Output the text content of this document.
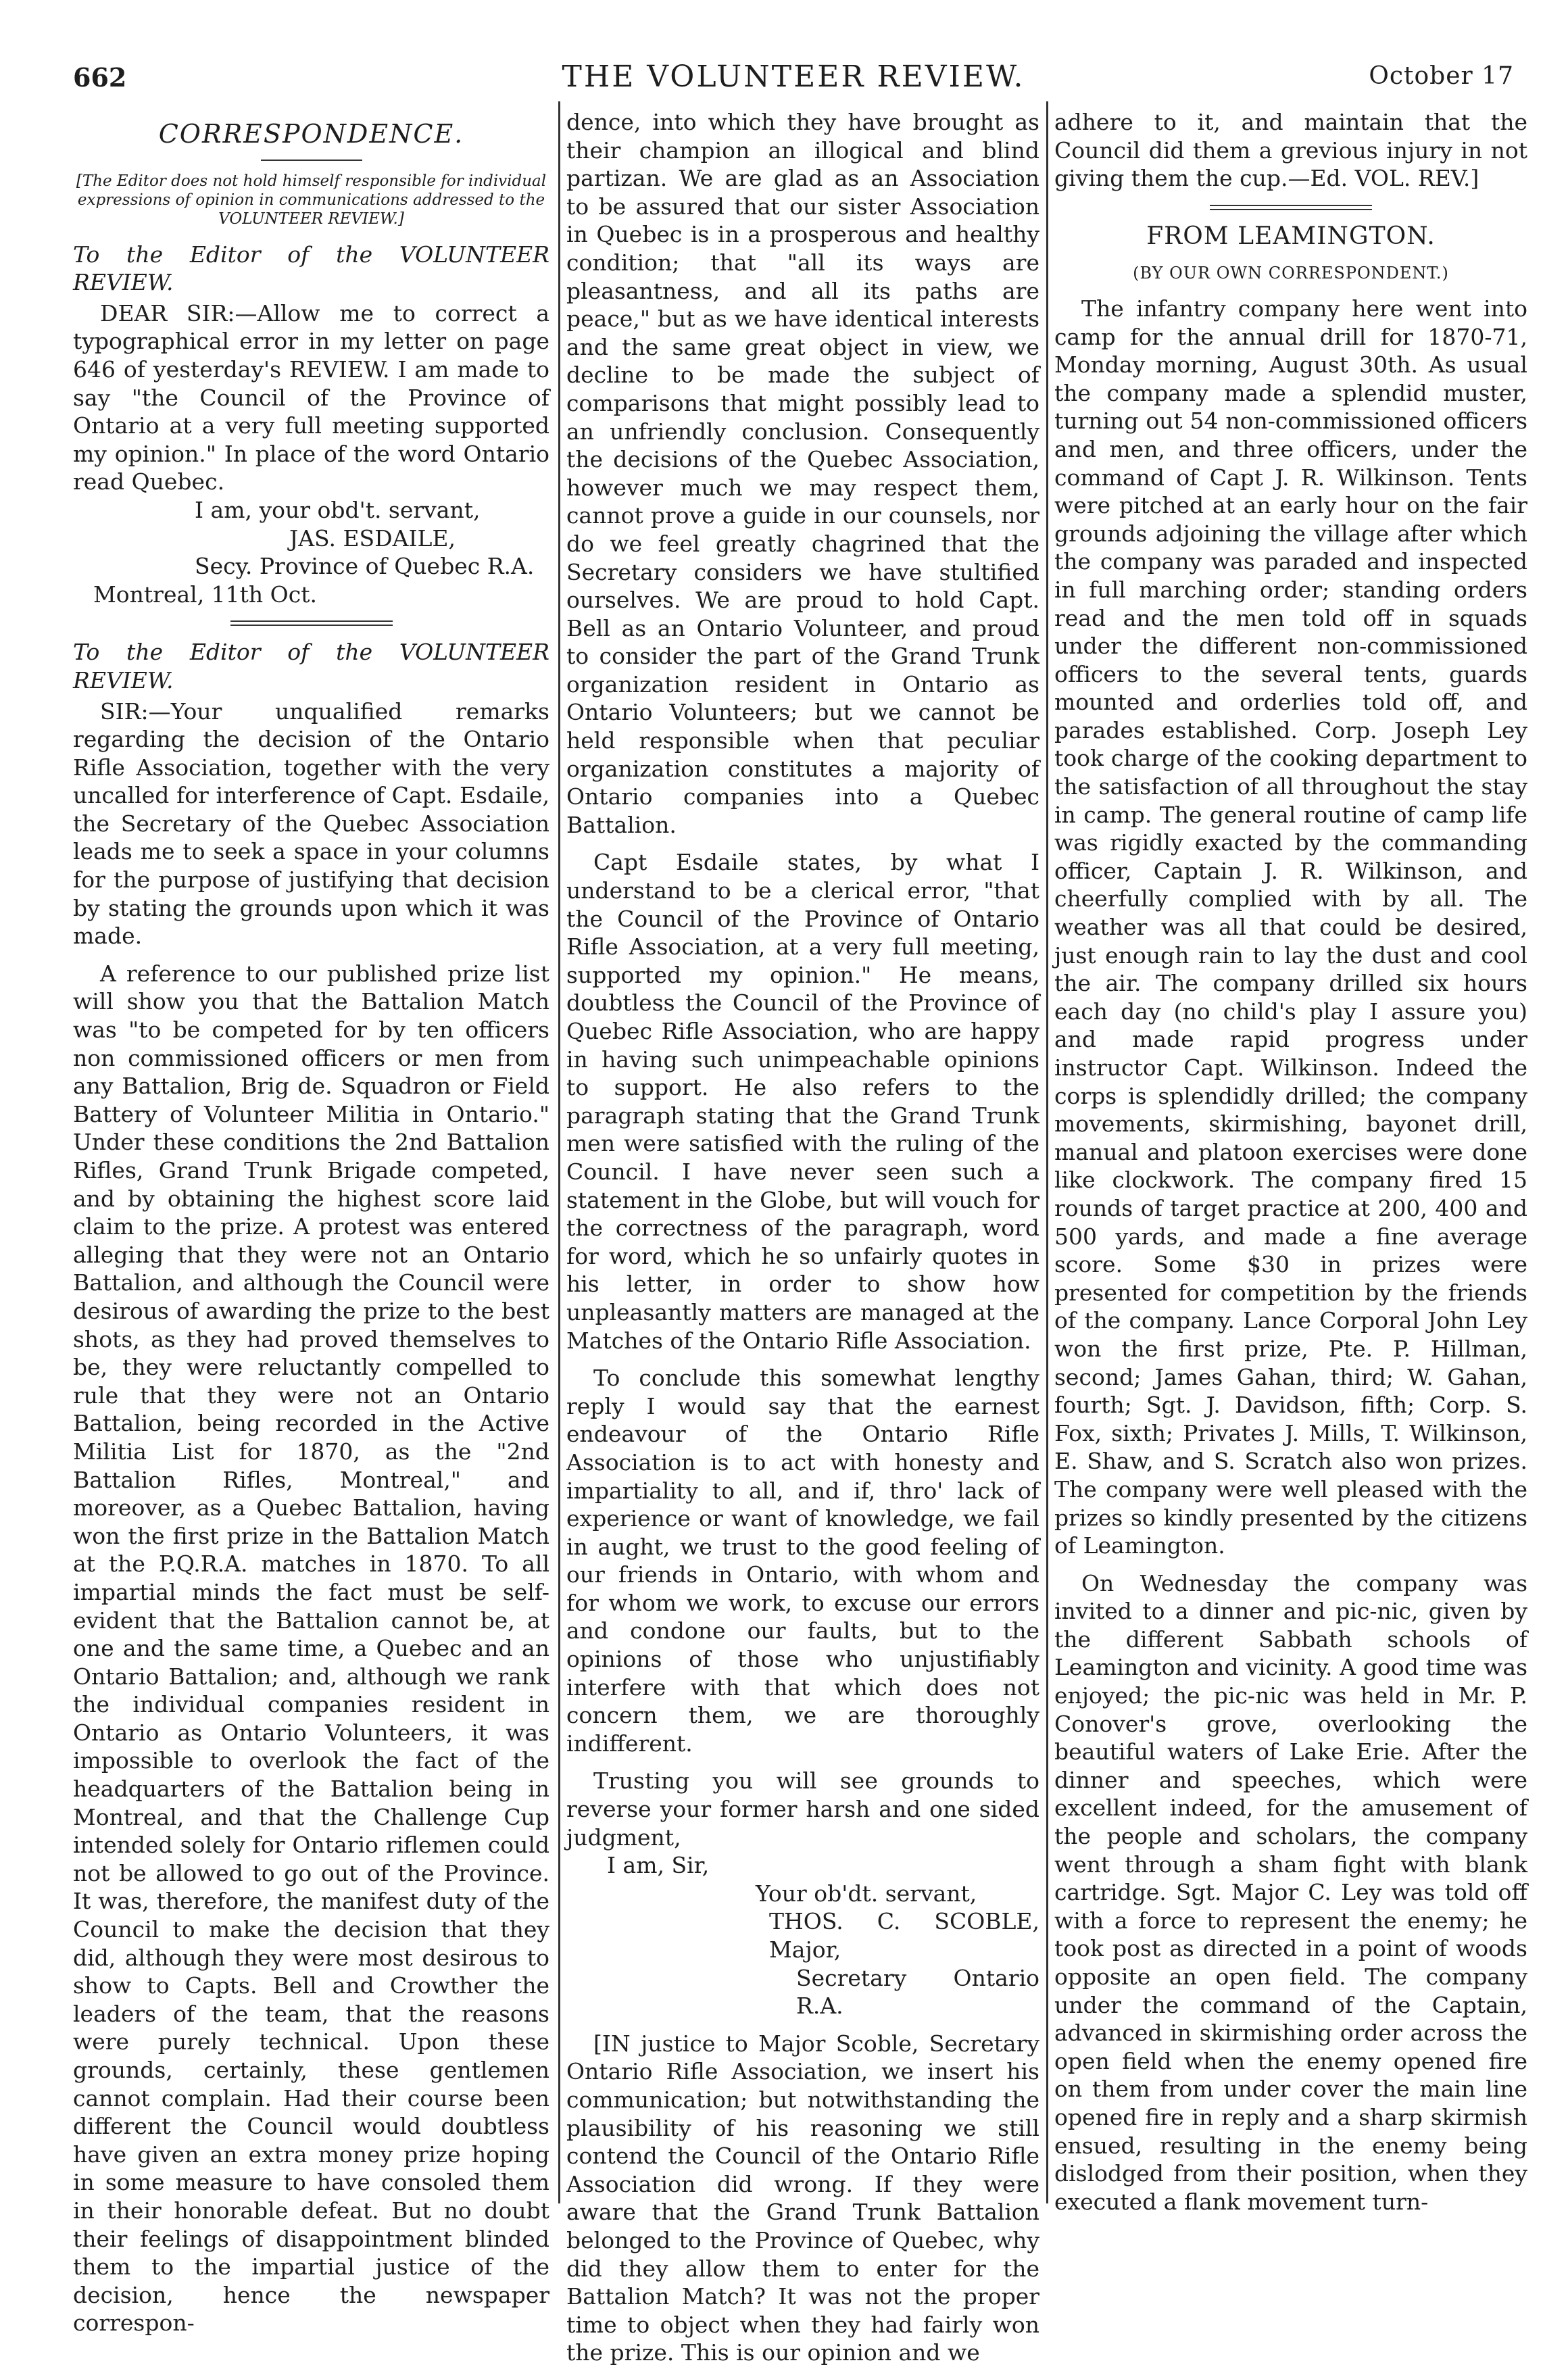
662	THE VOLUNTEER REVIEW.	October 17
CORRESPONDENCE.
[The Editor does not hold himself responsible for individual expressions of opinion in communications addressed to the VOLUNTEER REVIEW.]
To the Editor of the VOLUNTEER REVIEW.

DEAR SIR:—Allow me to correct a typographical error in my letter on page 646 of yesterday's REVIEW. I am made to say "the Council of the Province of Ontario at a very full meeting supported my opinion." In place of the word Ontario read Quebec.

I am, your obd't. servant,

JAS. ESDAILE,

Secy. Province of Quebec R.A.

Montreal, 11th Oct.

To the Editor of the VOLUNTEER REVIEW.

SIR:—Your unqualified remarks regarding the decision of the Ontario Rifle Association, together with the very uncalled for interference of Capt. Esdaile, the Secretary of the Quebec Association leads me to seek a space in your columns for the purpose of justifying that decision by stating the grounds upon which it was made.

A reference to our published prize list will show you that the Battalion Match was "to be competed for by ten officers non commissioned officers or men from any Battalion, Brig de. Squadron or Field Battery of Volunteer Militia in Ontario." Under these conditions the 2nd Battalion Rifles, Grand Trunk Brigade competed, and by obtaining the highest score laid claim to the prize. A protest was entered alleging that they were not an Ontario Battalion, and although the Council were desirous of awarding the prize to the best shots, as they had proved themselves to be, they were reluctantly compelled to rule that they were not an Ontario Battalion, being recorded in the Active Militia List for 1870, as the "2nd Battalion Rifles, Montreal," and moreover, as a Quebec Battalion, having won the first prize in the Battalion Match at the P.Q.R.A. matches in 1870. To all impartial minds the fact must be self-evident that the Battalion cannot be, at one and the same time, a Quebec and an Ontario Battalion; and, although we rank the individual companies resident in Ontario as Ontario Volunteers, it was impossible to overlook the fact of the headquarters of the Battalion being in Montreal, and that the Challenge Cup intended solely for Ontario riflemen could not be allowed to go out of the Province. It was, therefore, the manifest duty of the Council to make the decision that they did, although they were most desirous to show to Capts. Bell and Crowther the leaders of the team, that the reasons were purely technical. Upon these grounds, certainly, these gentlemen cannot complain. Had their course been different the Council would doubtless have given an extra money prize hoping in some measure to have consoled them in their honorable defeat. But no doubt their feelings of disappointment blinded them to the impartial justice of the decision, hence the newspaper correspon-

dence, into which they have brought as their champion an illogical and blind partizan. We are glad as an Association to be assured that our sister Association in Quebec is in a prosperous and healthy condition; that "all its ways are pleasantness, and all its paths are peace," but as we have identical interests and the same great object in view, we decline to be made the subject of comparisons that might possibly lead to an unfriendly conclusion. Consequently the decisions of the Quebec Association, however much we may respect them, cannot prove a guide in our counsels, nor do we feel greatly chagrined that the Secretary considers we have stultified ourselves. We are proud to hold Capt. Bell as an Ontario Volunteer, and proud to consider the part of the Grand Trunk organization resident in Ontario as Ontario Volunteers; but we cannot be held responsible when that peculiar organization constitutes a majority of Ontario companies into a Quebec Battalion.

Capt Esdaile states, by what I understand to be a clerical error, "that the Council of the Province of Ontario Rifle Association, at a very full meeting, supported my opinion." He means, doubtless the Council of the Province of Quebec Rifle Association, who are happy in having such unimpeachable opinions to support. He also refers to the paragraph stating that the Grand Trunk men were satisfied with the ruling of the Council. I have never seen such a statement in the Globe, but will vouch for the correctness of the paragraph, word for word, which he so unfairly quotes in his letter, in order to show how unpleasantly matters are managed at the Matches of the Ontario Rifle Association.

To conclude this somewhat lengthy reply I would say that the earnest endeavour of the Ontario Rifle Association is to act with honesty and impartiality to all, and if, thro' lack of experience or want of knowledge, we fail in aught, we trust to the good feeling of our friends in Ontario, with whom and for whom we work, to excuse our errors and condone our faults, but to the opinions of those who unjustifiably interfere with that which does not concern them, we are thoroughly indifferent.

Trusting you will see grounds to reverse your former harsh and one sided judgment,

I am, Sir,

Your ob'dt. servant,

THOS. C. SCOBLE, Major,

Secretary Ontario R.A.

[IN justice to Major Scoble, Secretary Ontario Rifle Association, we insert his communication; but notwithstanding the plausibility of his reasoning we still contend the Council of the Ontario Rifle Association did wrong. If they were aware that the Grand Trunk Battalion belonged to the Province of Quebec, why did they allow them to enter for the Battalion Match? It was not the proper time to object when they had fairly won the prize. This is our opinion and we

adhere to it, and maintain that the Council did them a grevious injury in not giving them the cup.—Ed. VOL. REV.]

FROM LEAMINGTON.
(BY OUR OWN CORRESPONDENT.)

The infantry company here went into camp for the annual drill for 1870-71, Monday morning, August 30th. As usual the company made a splendid muster, turning out 54 non-commissioned officers and men, and three officers, under the command of Capt J. R. Wilkinson. Tents were pitched at an early hour on the fair grounds adjoining the village after which the company was paraded and inspected in full marching order; standing orders read and the men told off in squads under the different non-commissioned officers to the several tents, guards mounted and orderlies told off, and parades established. Corp. Joseph Ley took charge of the cooking department to the satisfaction of all throughout the stay in camp. The general routine of camp life was rigidly exacted by the commanding officer, Captain J. R. Wilkinson, and cheerfully complied with by all. The weather was all that could be desired, just enough rain to lay the dust and cool the air. The company drilled six hours each day (no child's play I assure you) and made rapid progress under instructor Capt. Wilkinson. Indeed the corps is splendidly drilled; the company movements, skirmishing, bayonet drill, manual and platoon exercises were done like clockwork. The company fired 15 rounds of target practice at 200, 400 and 500 yards, and made a fine average score. Some $30 in prizes were presented for competition by the friends of the company. Lance Corporal John Ley won the first prize, Pte. P. Hillman, second; James Gahan, third; W. Gahan, fourth; Sgt. J. Davidson, fifth; Corp. S. Fox, sixth; Privates J. Mills, T. Wilkinson, E. Shaw, and S. Scratch also won prizes. The company were well pleased with the prizes so kindly presented by the citizens of Leamington.

On Wednesday the company was invited to a dinner and pic-nic, given by the different Sabbath schools of Leamington and vicinity. A good time was enjoyed; the pic-nic was held in Mr. P. Conover's grove, overlooking the beautiful waters of Lake Erie. After the dinner and speeches, which were excellent indeed, for the amusement of the people and scholars, the company went through a sham fight with blank cartridge. Sgt. Major C. Ley was told off with a force to represent the enemy; he took post as directed in a point of woods opposite an open field. The company under the command of the Captain, advanced in skirmishing order across the open field when the enemy opened fire on them from under cover the main line opened fire in reply and a sharp skirmish ensued, resulting in the enemy being dislodged from their position, when they executed a flank movement turn-
